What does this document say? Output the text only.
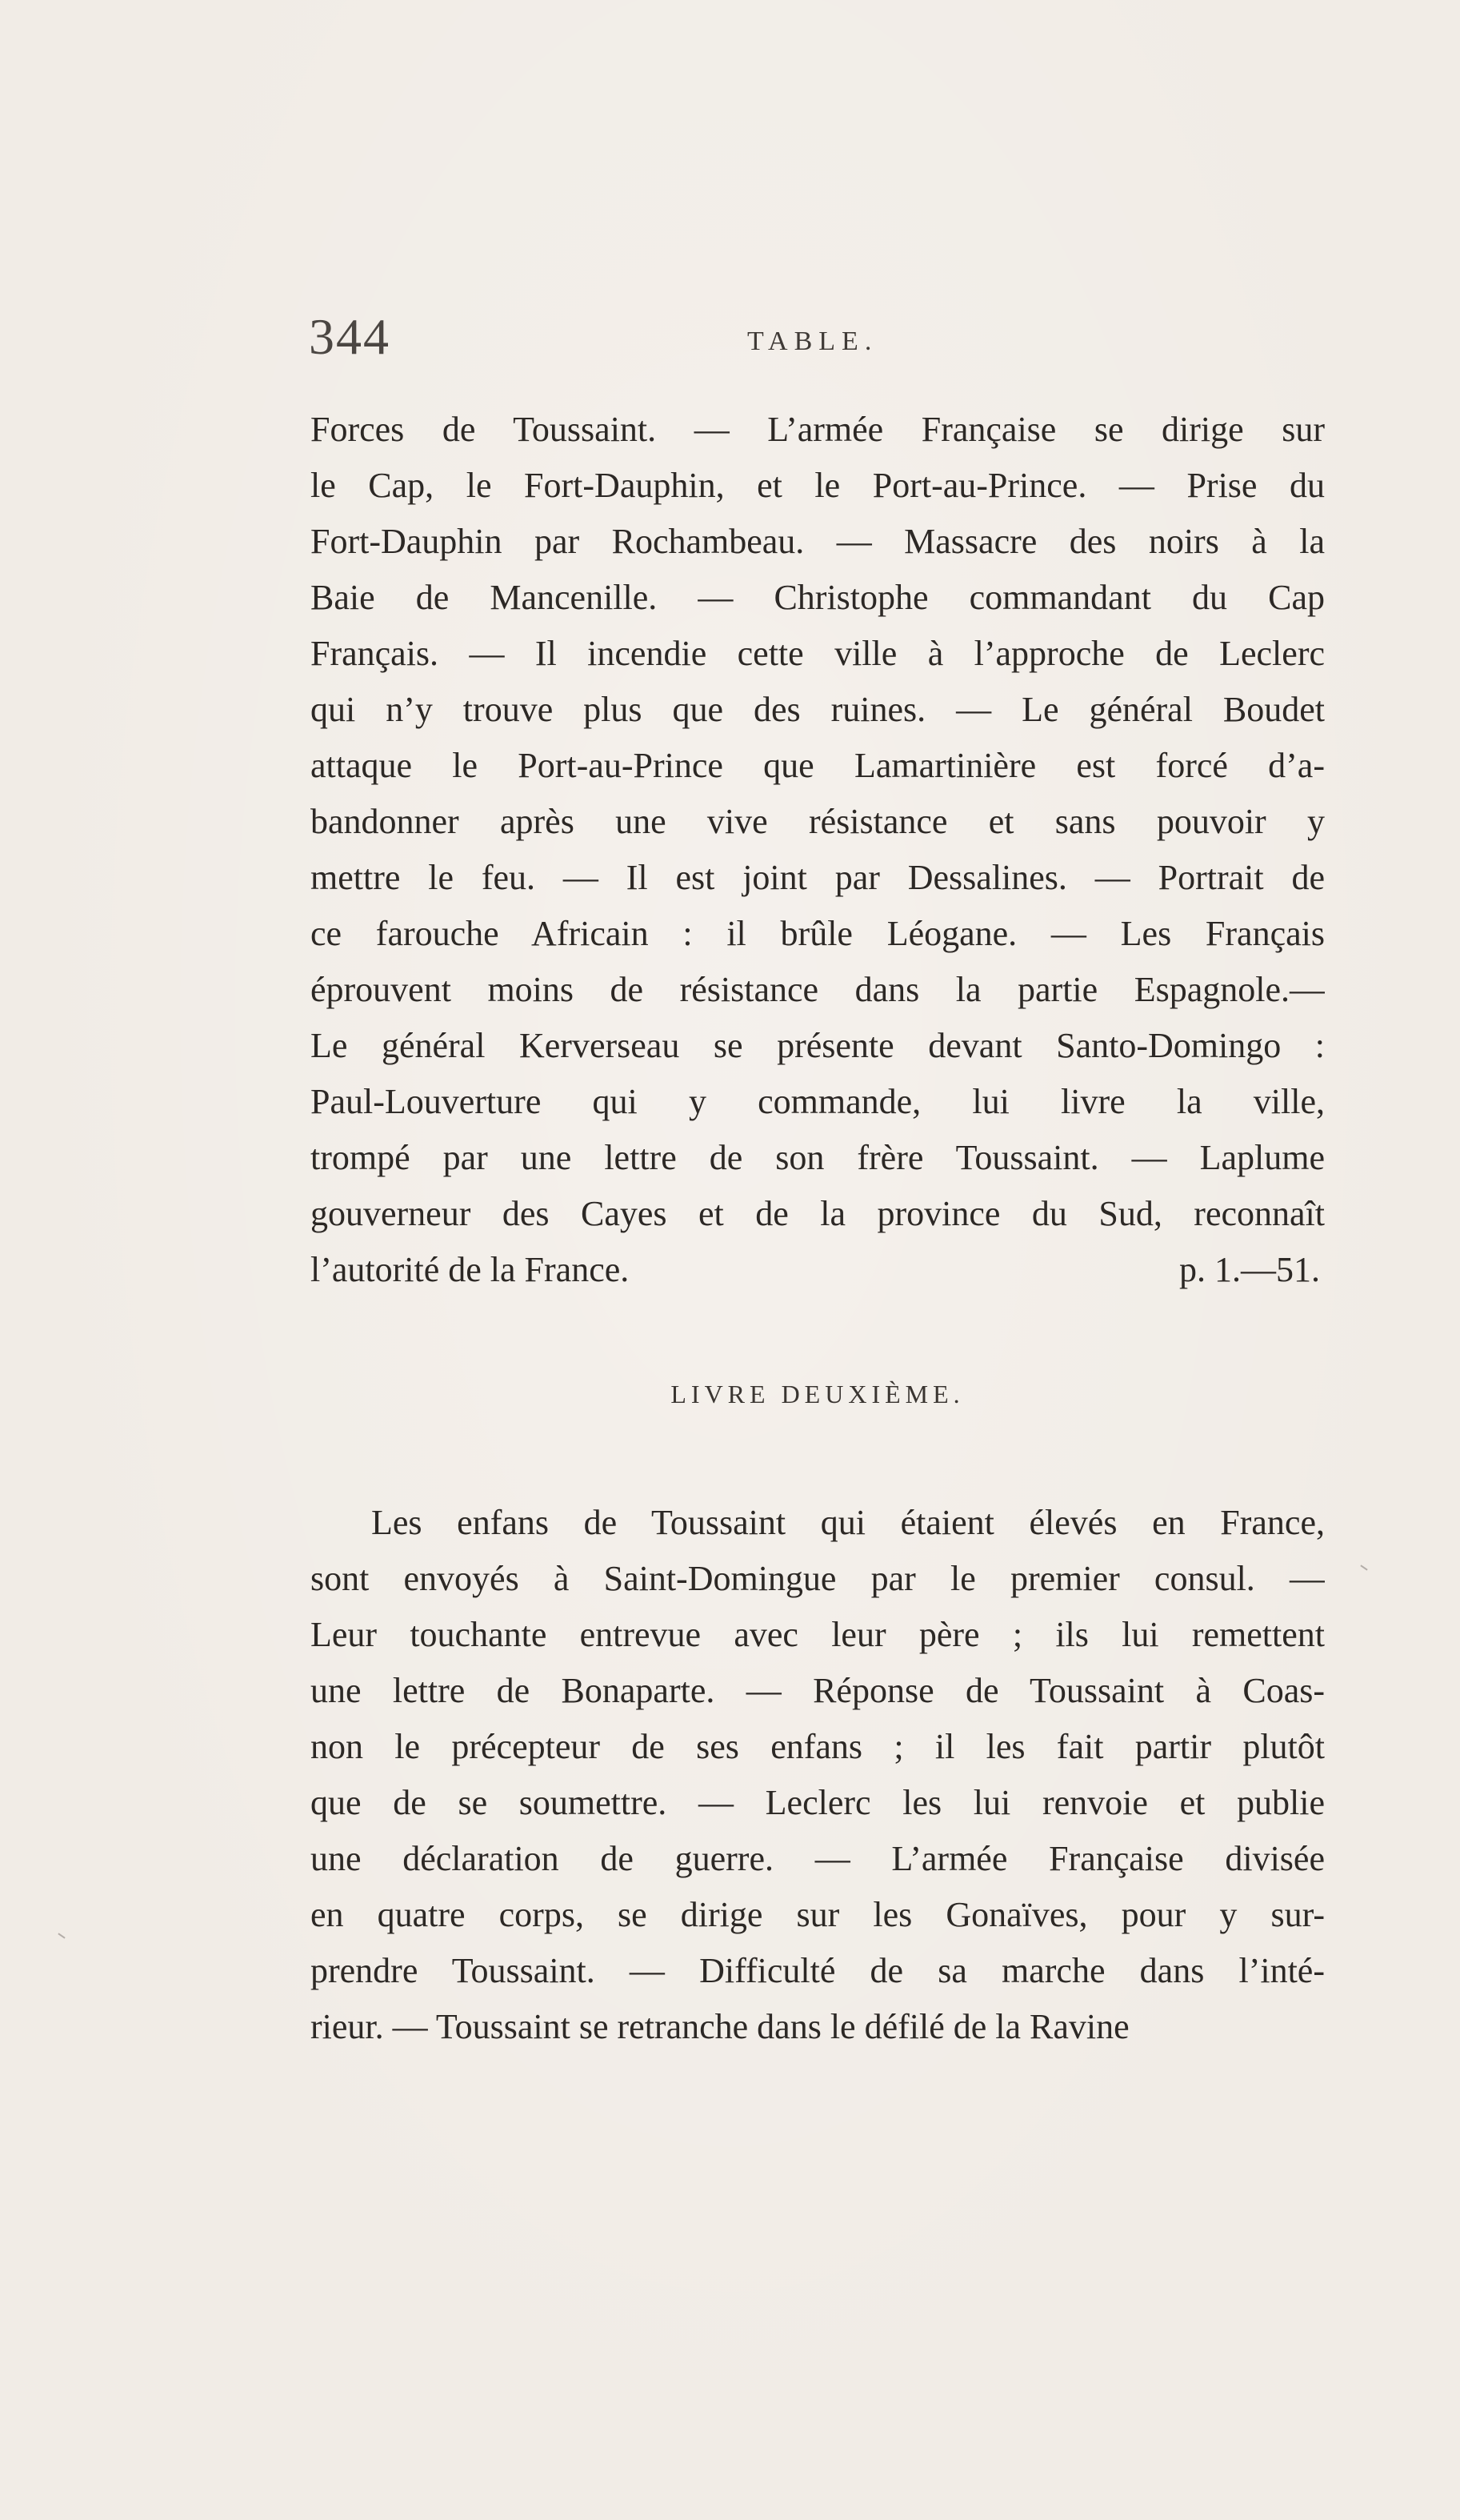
344	TABLE.
Forces de Toussaint. — L’armée Française se dirige sur
le Cap, le Fort-Dauphin, et le Port-au-Prince. — Prise du
Fort-Dauphin par Rochambeau. — Massacre des noirs à la
Baie de Mancenille. — Christophe commandant du Cap
Français. — Il incendie cette ville à l’approche de Leclerc
qui n’y trouve plus que des ruines. — Le général Boudet
attaque le Port-au-Prince que Lamartinière est forcé d’a-
bandonner après une vive résistance et sans pouvoir y
mettre le feu. — Il est joint par Dessalines. — Portrait de
ce farouche Africain : il brûle Léogane. — Les Français
éprouvent moins de résistance dans la partie Espagnole.—
Le général Kerverseau se présente devant Santo-Domingo :
Paul-Louverture qui y commande, lui livre la ville,
trompé par une lettre de son frère Toussaint. — Laplume
gouverneur des Cayes et de la province du Sud, reconnaît
l’autorité de la France.	p. 1.—51.
LIVRE DEUXIÈME.
Les enfans de Toussaint qui étaient élevés en France,
sont envoyés à Saint-Domingue par le premier consul. —
Leur touchante entrevue avec leur père ; ils lui remettent
une lettre de Bonaparte. — Réponse de Toussaint à Coas-
non le précepteur de ses enfans ; il les fait partir plutôt
que de se soumettre. — Leclerc les lui renvoie et publie
une déclaration de guerre. — L’armée Française divisée
en quatre corps, se dirige sur les Gonaïves, pour y sur-
prendre Toussaint. — Difficulté de sa marche dans l’inté-
rieur. — Toussaint se retranche dans le défilé de la Ravine
